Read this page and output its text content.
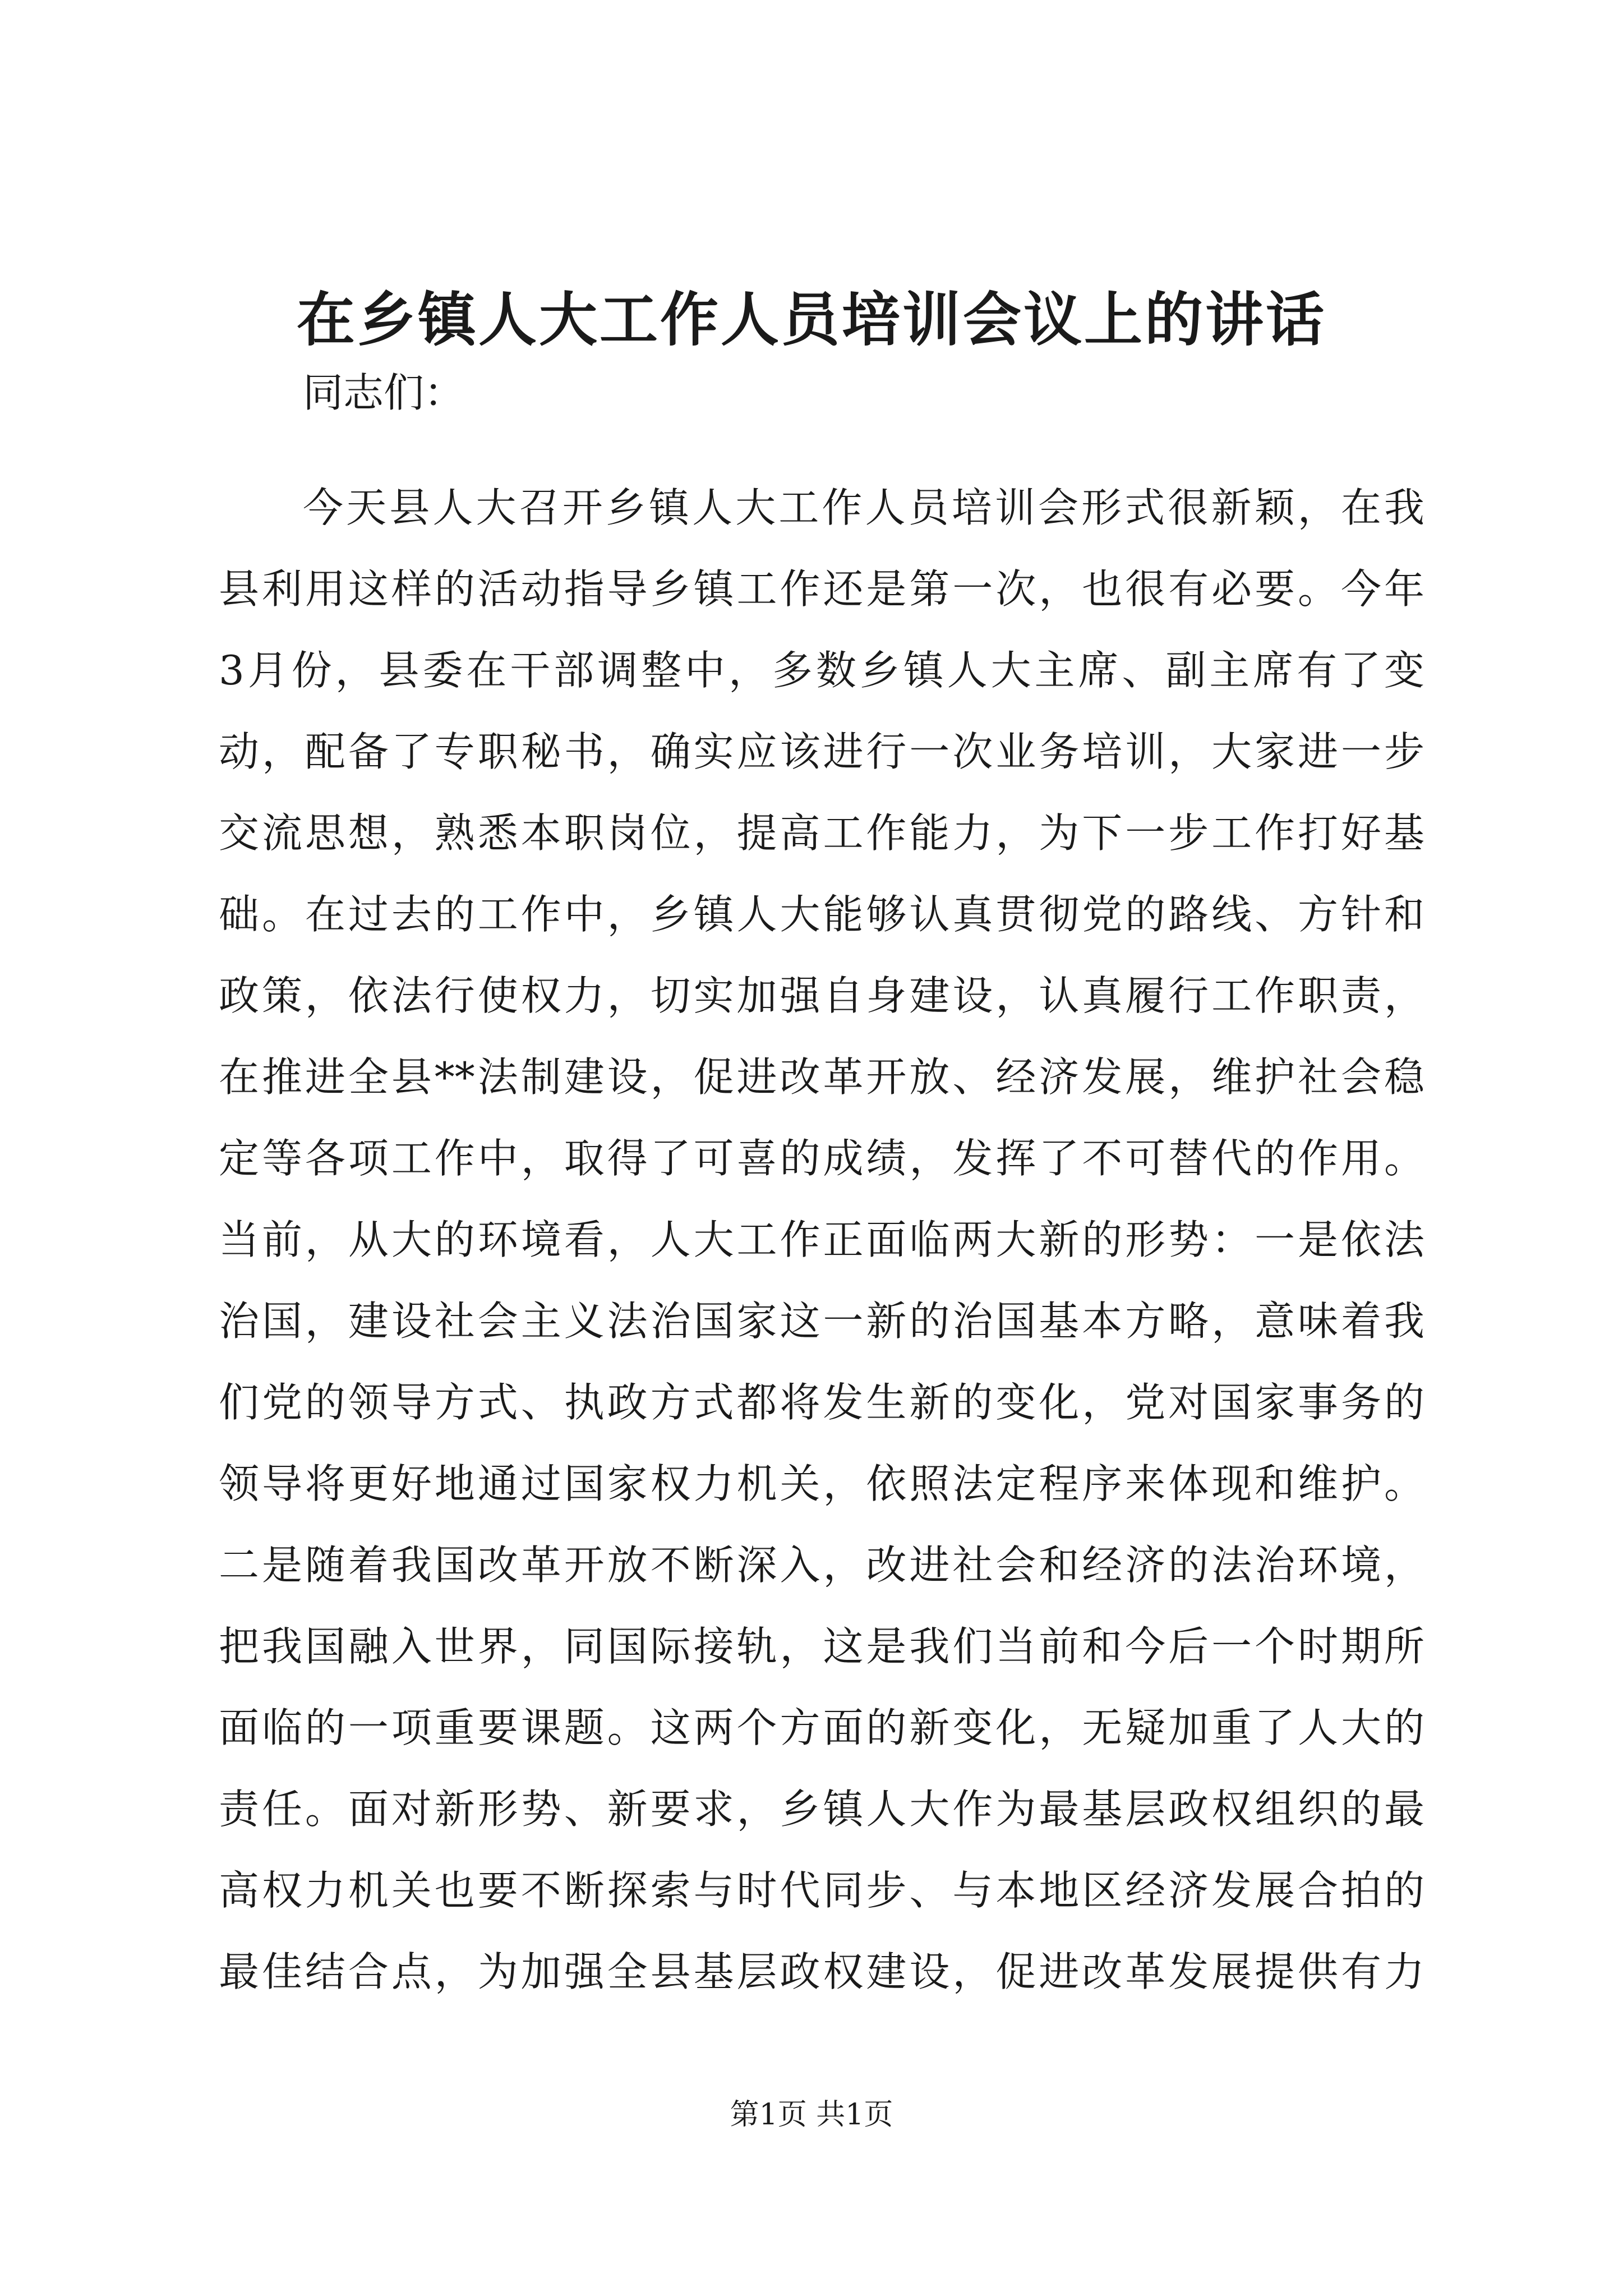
在乡镇人大工作人员培训会议上的讲话
同志们：
今天县人大召开乡镇人大工作人员培训会形式很新颖，在我
县利用这样的活动指导乡镇工作还是第一次，也很有必要。今年
3月份，县委在干部调整中，多数乡镇人大主席、副主席有了变
动，配备了专职秘书，确实应该进行一次业务培训，大家进一步
交流思想，熟悉本职岗位，提高工作能力，为下一步工作打好基
础。在过去的工作中，乡镇人大能够认真贯彻党的路线、方针和
政策，依法行使权力，切实加强自身建设，认真履行工作职责，
在推进全县**法制建设，促进改革开放、经济发展，维护社会稳
定等各项工作中，取得了可喜的成绩，发挥了不可替代的作用。
当前，从大的环境看，人大工作正面临两大新的形势：一是依法
治国，建设社会主义法治国家这一新的治国基本方略，意味着我
们党的领导方式、执政方式都将发生新的变化，党对国家事务的
领导将更好地通过国家权力机关，依照法定程序来体现和维护。
二是随着我国改革开放不断深入，改进社会和经济的法治环境，
把我国融入世界，同国际接轨，这是我们当前和今后一个时期所
面临的一项重要课题。这两个方面的新变化，无疑加重了人大的
责任。面对新形势、新要求，乡镇人大作为最基层政权组织的最
高权力机关也要不断探索与时代同步、与本地区经济发展合拍的
最佳结合点，为加强全县基层政权建设，促进改革发展提供有力
第1页 共1页
